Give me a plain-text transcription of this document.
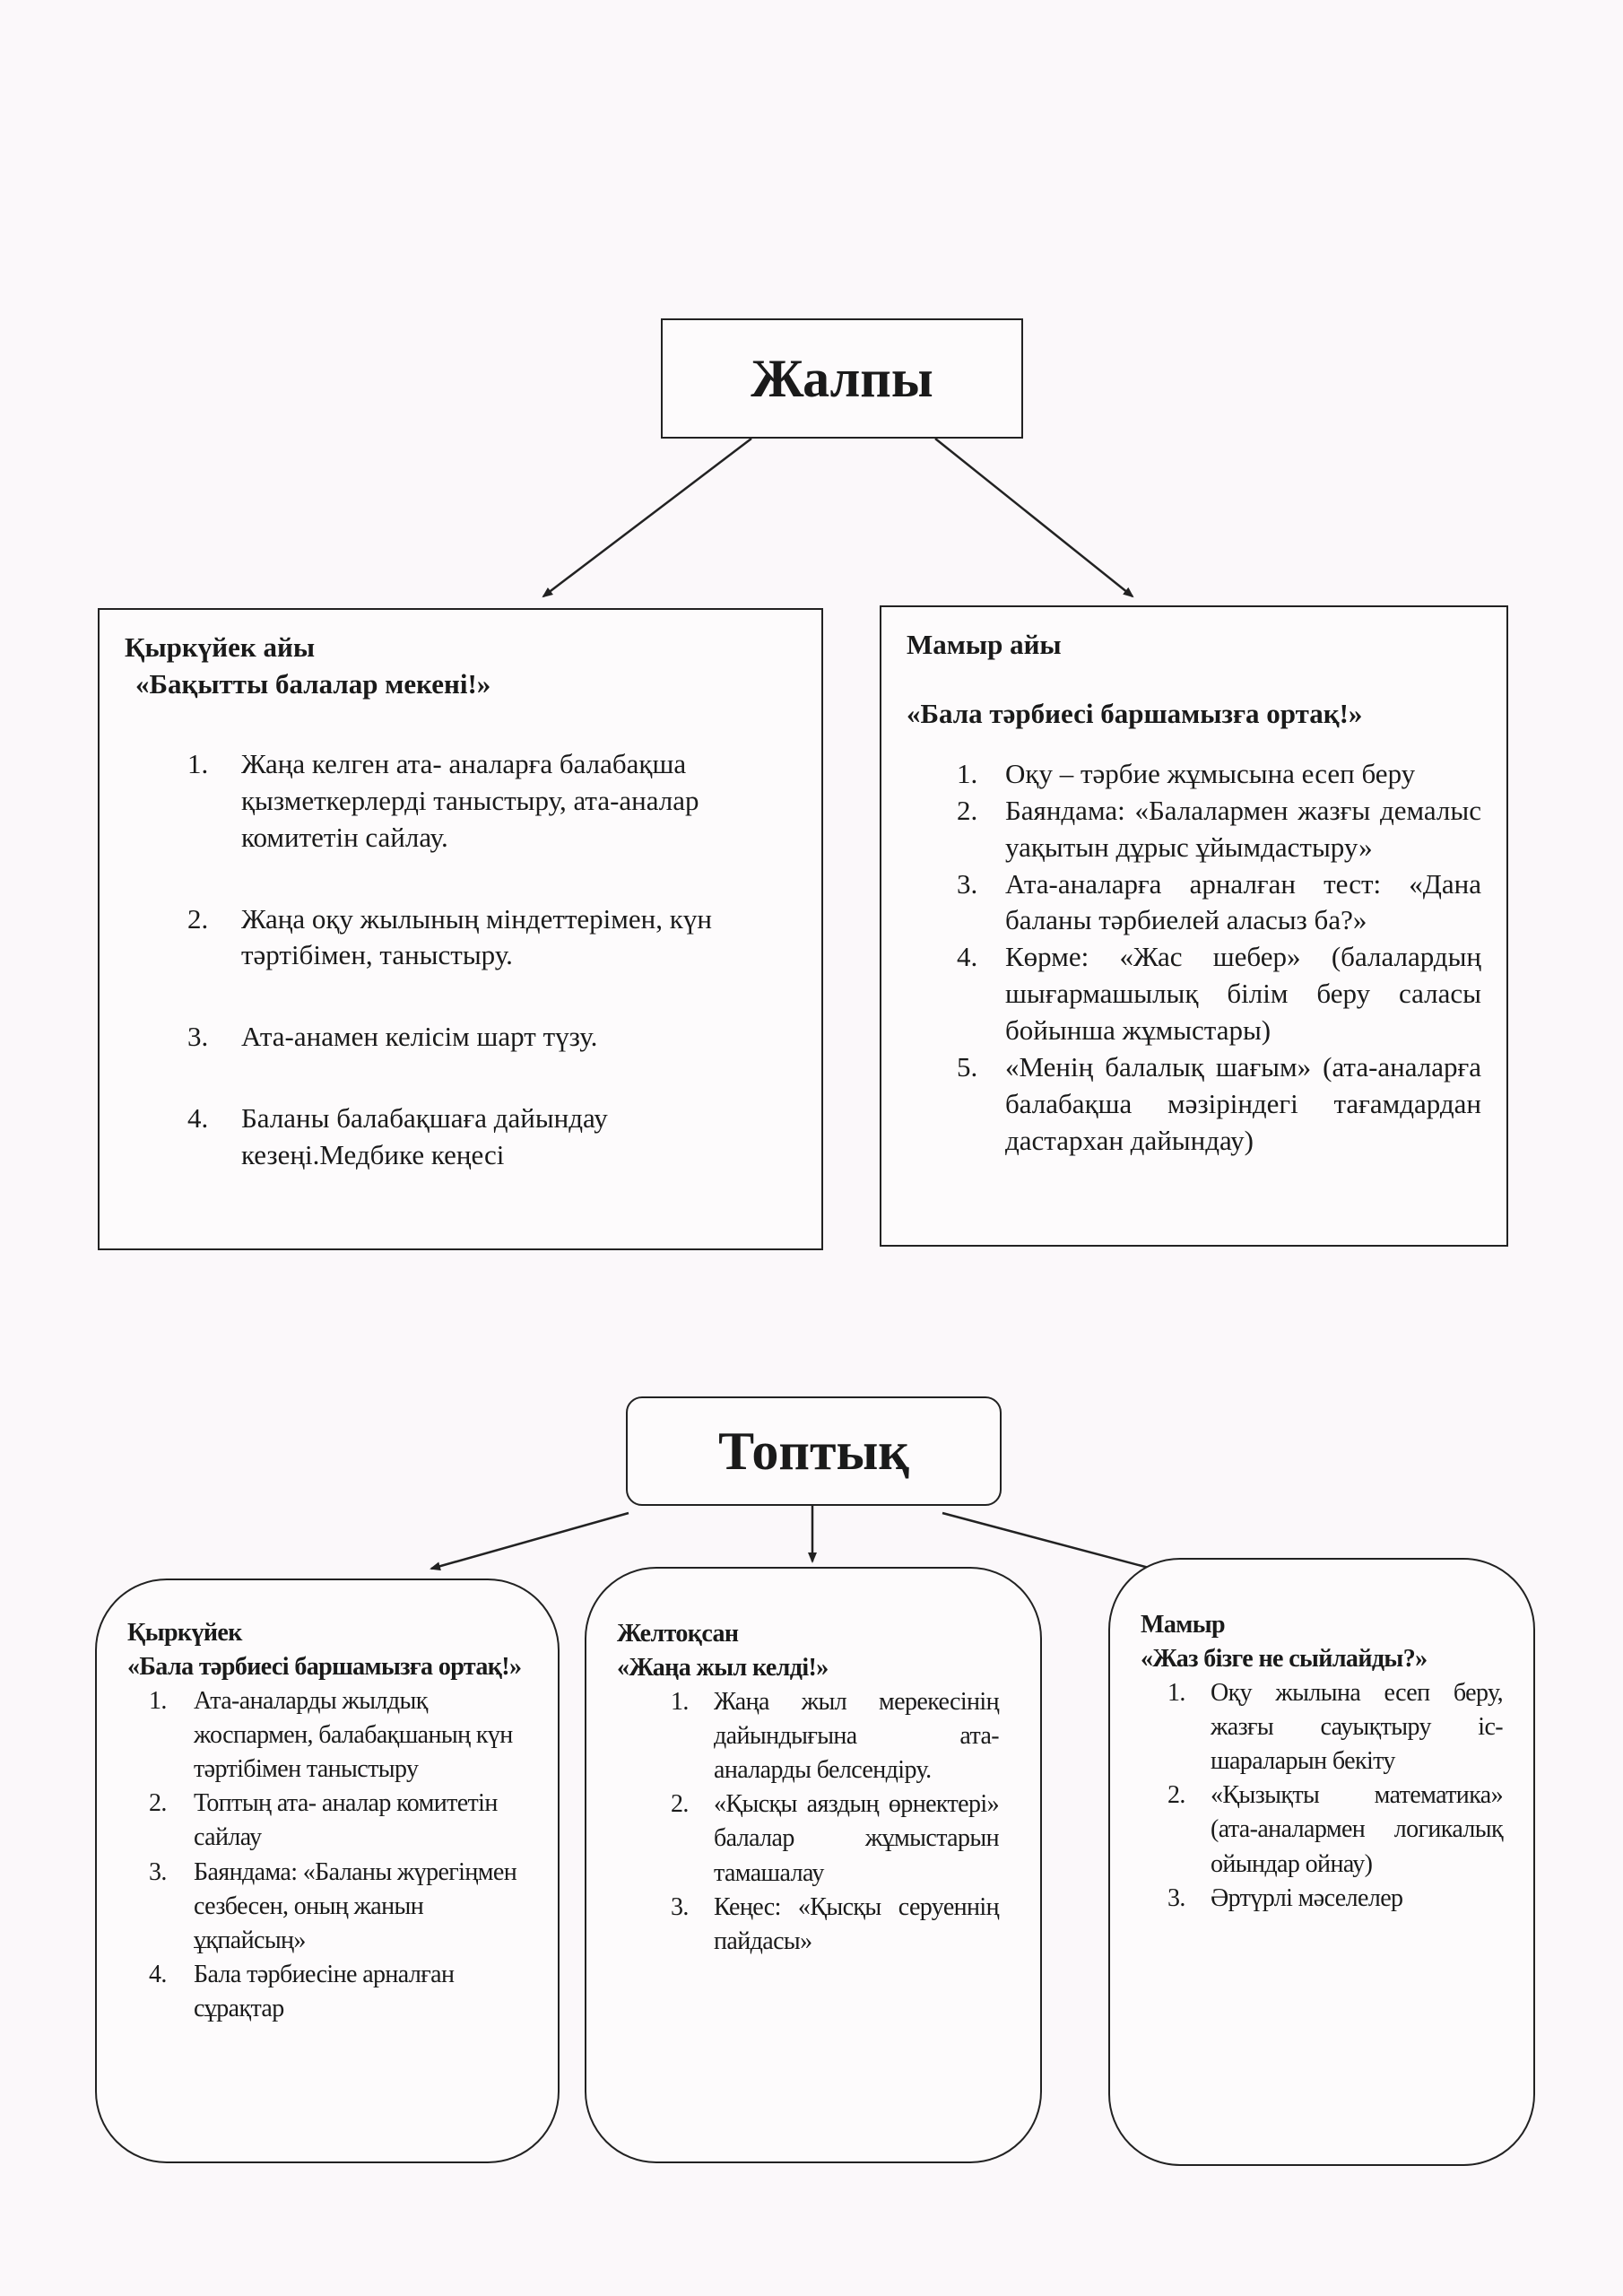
Жалпы
Қыркүйек айы
«Бақытты балалар мекені!»
1. Жаңа келген ата- аналарға балабақша қызметкерлерді таныстыру, ата-аналар комитетін сайлау.
2. Жаңа оқу жылының міндеттерімен, күн тәртібімен, таныстыру.
3. Ата-анамен келісім шарт түзу.
4. Баланы балабақшаға дайындау кезеңі.Медбике кеңесі
Мамыр айы
«Бала тәрбиесі баршамызға ортақ!»
1. Оқу – тәрбие жұмысына есеп беру
2. Баяндама: «Балалармен жазғы демалыс уақытын дұрыс ұйымдастыру»
3. Ата-аналарға арналған тест: «Дана баланы тәрбиелей аласыз ба?»
4. Көрме: «Жас шебер» (балалардың шығармашылық білім беру саласы бойынша жұмыстары)
5. «Менің балалық шағым» (ата-аналарға балабақша мәзіріндегі тағамдардан дастархан дайындау)
Топтық
Қыркүйек
«Бала тәрбиесі баршамызға ортақ!»
1. Ата-аналарды жылдық жоспармен, балабақшаның күн тәртібімен таныстыру
2. Топтың ата- аналар комитетін сайлау
3. Баяндама: «Баланы жүрегіңмен сезбесен, оның жанын ұқпайсың»
4. Бала тәрбиесіне арналған сұрақтар
Желтоқсан
«Жаңа жыл келді!»
1. Жаңа жыл мерекесінің дайындығына ата- аналарды белсендіру.
2. «Қысқы аяздың өрнектері» балалар жұмыстарын тамашалау
3. Кеңес: «Қысқы серуеннің пайдасы»
Мамыр
«Жаз бізге не сыйлайды?»
1. Оқу жылына есеп беру, жазғы сауықтыру іс-шараларын бекіту
2. «Қызықты математика» (ата-аналармен логикалық ойындар ойнау)
3. Әртүрлі мәселелер
